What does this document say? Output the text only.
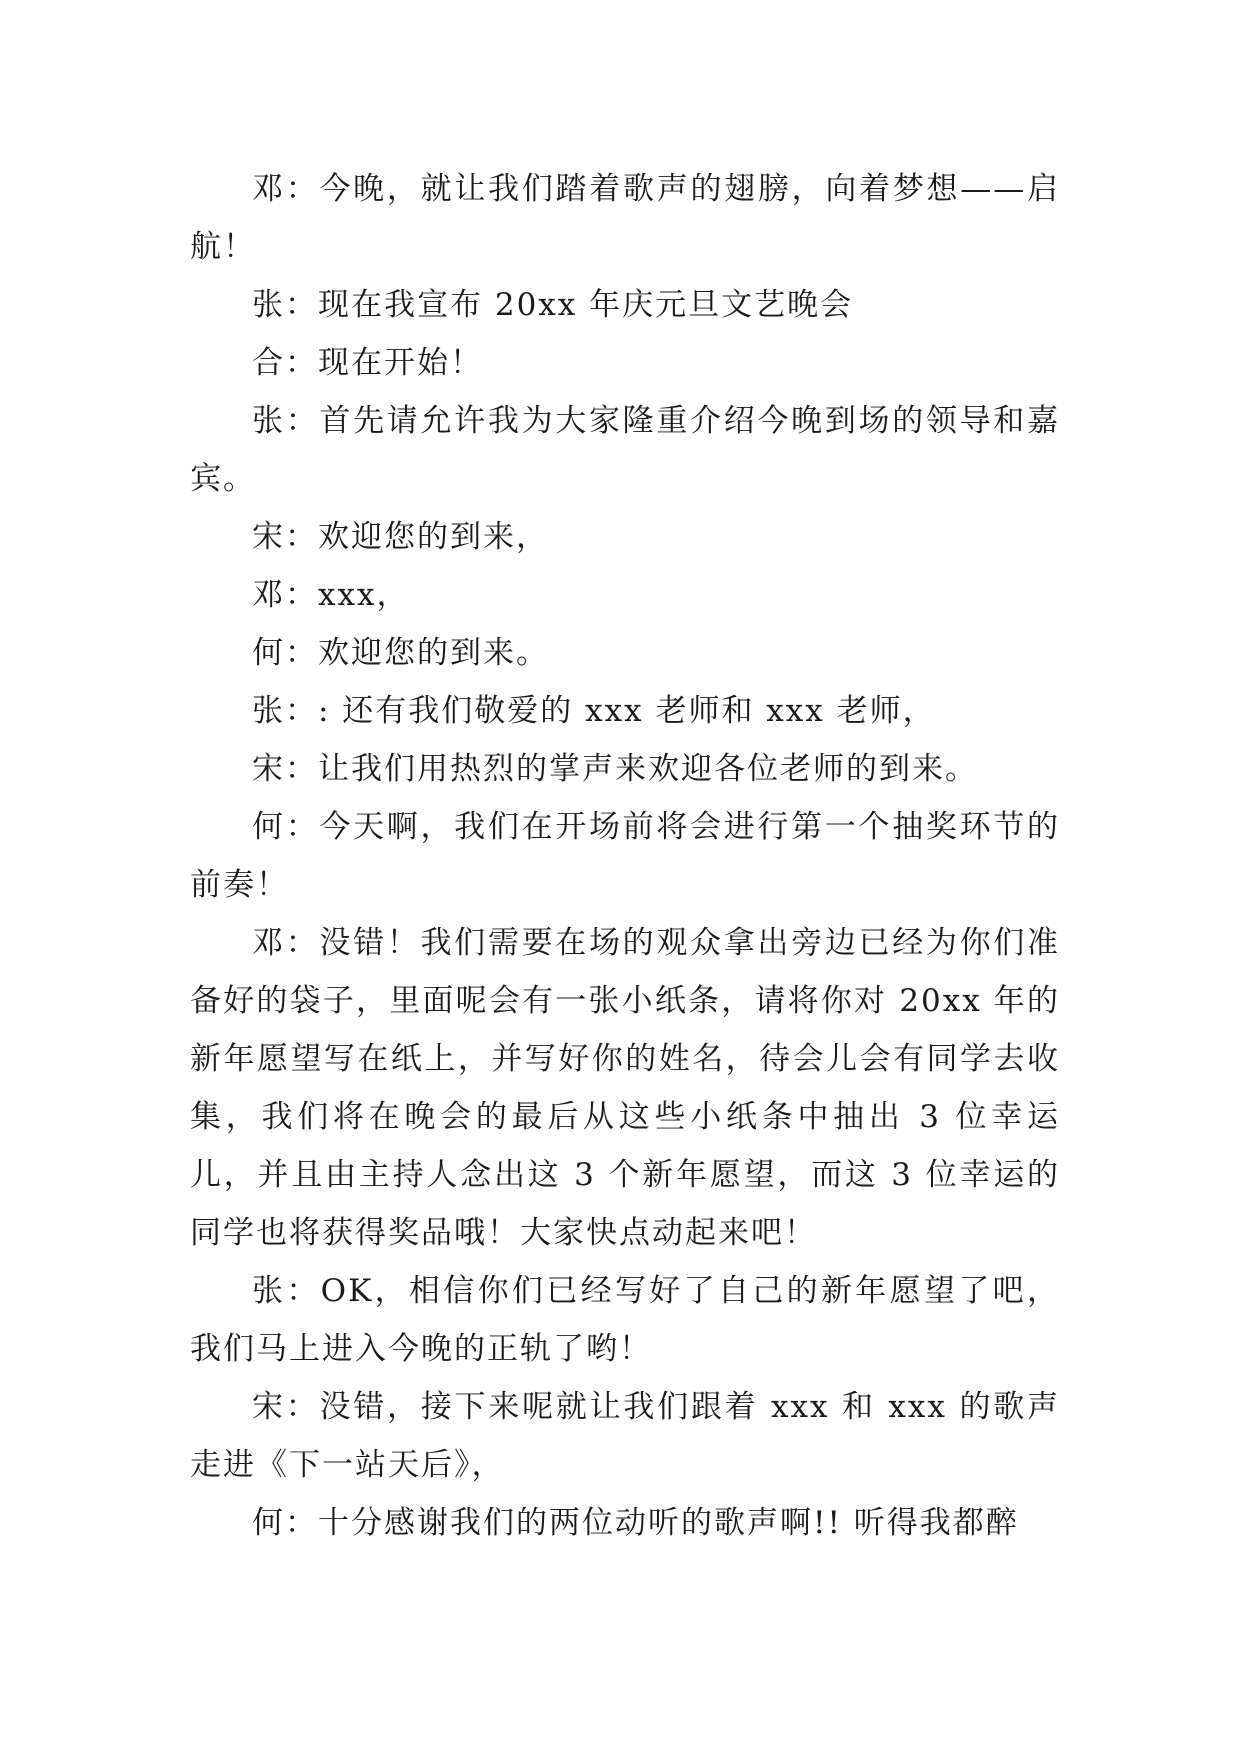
邓：今晚，就让我们踏着歌声的翅膀，向着梦想——启航！

张：现在我宣布 20xx 年庆元旦文艺晚会

合：现在开始！

张：首先请允许我为大家隆重介绍今晚到场的领导和嘉宾。

宋：欢迎您的到来，

邓：xxx，

何：欢迎您的到来。

张：: 还有我们敬爱的 xxx 老师和 xxx 老师，

宋：让我们用热烈的掌声来欢迎各位老师的到来。

何：今天啊，我们在开场前将会进行第一个抽奖环节的前奏！

邓：没错！我们需要在场的观众拿出旁边已经为你们准备好的袋子，里面呢会有一张小纸条，请将你对 20xx 年的新年愿望写在纸上，并写好你的姓名，待会儿会有同学去收集，我们将在晚会的最后从这些小纸条中抽出 3 位幸运儿，并且由主持人念出这 3 个新年愿望，而这 3 位幸运的同学也将获得奖品哦！大家快点动起来吧！

张：OK，相信你们已经写好了自己的新年愿望了吧，我们马上进入今晚的正轨了哟！

宋：没错，接下来呢就让我们跟着 xxx 和 xxx 的歌声走进《下一站天后》，

何：十分感谢我们的两位动听的歌声啊!! 听得我都醉
